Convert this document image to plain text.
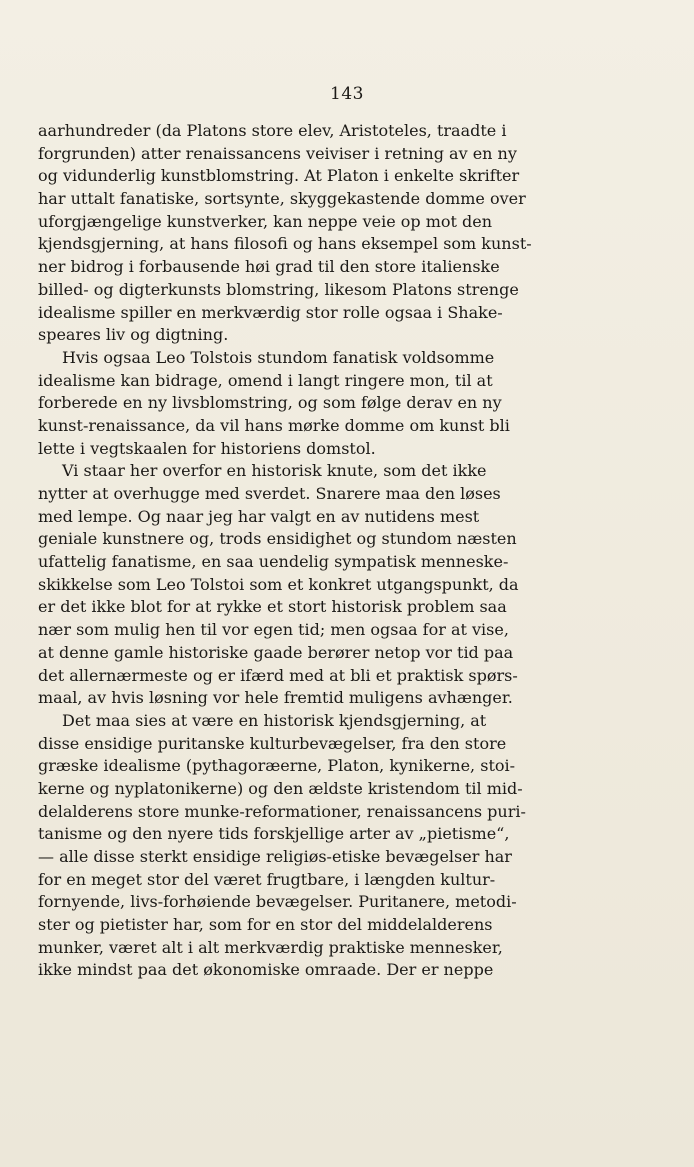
143
aarhundreder (da Platons store elev, Aristoteles, traadte i
forgrunden) atter renaissancens veiviser i retning av en ny
og vidunderlig kunstblomstring. At Platon i enkelte skrifter
har uttalt fanatiske, sortsynte, skyggekastende domme over
uforgjængelige kunstverker, kan neppe veie op mot den
kjendsgjerning, at hans filosofi og hans eksempel som kunst-
ner bidrog i forbausende høi grad til den store italienske
billed- og digterkunsts blomstring, likesom Platons strenge
idealisme spiller en merkværdig stor rolle ogsaa i Shake-
speares liv og digtning.
Hvis ogsaa Leo Tolstois stundom fanatisk voldsomme
idealisme kan bidrage, omend i langt ringere mon, til at
forberede en ny livsblomstring, og som følge derav en ny
kunst-renaissance, da vil hans mørke domme om kunst bli
lette i vegtskaalen for historiens domstol.
Vi staar her overfor en historisk knute, som det ikke
nytter at overhugge med sverdet. Snarere maa den løses
med lempe. Og naar jeg har valgt en av nutidens mest
geniale kunstnere og, trods ensidighet og stundom næsten
ufattelig fanatisme, en saa uendelig sympatisk menneske-
skikkelse som Leo Tolstoi som et konkret utgangspunkt, da
er det ikke blot for at rykke et stort historisk problem saa
nær som mulig hen til vor egen tid; men ogsaa for at vise,
at denne gamle historiske gaade berører netop vor tid paa
det allernærmeste og er ifærd med at bli et praktisk spørs-
maal, av hvis løsning vor hele fremtid muligens avhænger.
Det maa sies at være en historisk kjendsgjerning, at
disse ensidige puritanske kulturbevægelser, fra den store
græske idealisme (pythagoræerne, Platon, kynikerne, stoi-
kerne og nyplatonikerne) og den ældste kristendom til mid-
delalderens store munke-reformationer, renaissancens puri-
tanisme og den nyere tids forskjellige arter av „pietisme“,
— alle disse sterkt ensidige religiøs-etiske bevægelser har
for en meget stor del været frugtbare, i længden kultur-
fornyende, livs-forhøiende bevægelser. Puritanere, metodi-
ster og pietister har, som for en stor del middelalderens
munker, været alt i alt merkværdig praktiske mennesker,
ikke mindst paa det økonomiske omraade. Der er neppe
